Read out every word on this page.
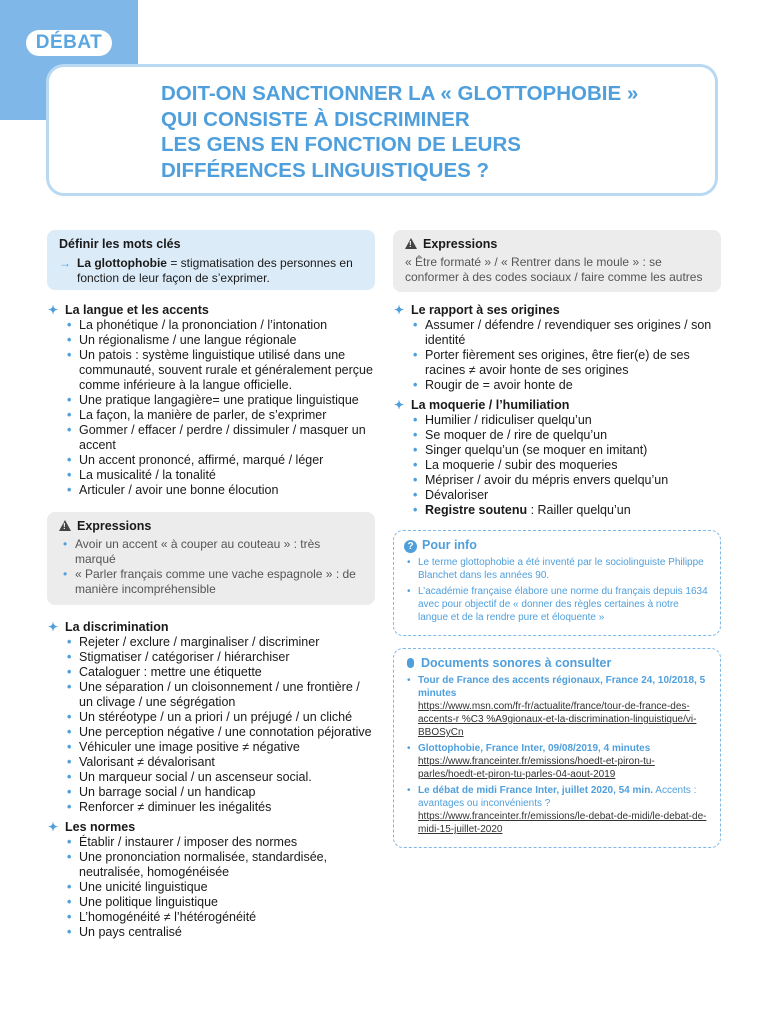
DÉBAT
DOIT-ON SANCTIONNER LA « GLOTTOPHOBIE »
QUI CONSISTE À DISCRIMINER
LES GENS EN FONCTION DE LEURS
DIFFÉRENCES LINGUISTIQUES ?
Définir les mots clés
→ La glottophobie = stigmatisation des personnes en fonction de leur façon de s’exprimer.
✦ La langue et les accents
• La phonétique / la prononciation / l’intonation
• Un régionalisme / une langue régionale
• Un patois : système linguistique utilisé dans une communauté, souvent rurale et généralement perçue comme inférieure à la langue officielle.
• Une pratique langagière= une pratique linguistique
• La façon, la manière de parler, de s’exprimer
• Gommer / effacer / perdre / dissimuler / masquer un accent
• Un accent prononcé, affirmé, marqué / léger
• La musicalité / la tonalité
• Articuler / avoir une bonne élocution
!Expressions
• Avoir un accent « à couper au couteau » : très marqué
• « Parler français comme une vache espagnole » : de manière incompréhensible
✦ La discrimination
• Rejeter / exclure / marginaliser / discriminer
• Stigmatiser / catégoriser / hiérarchiser
• Cataloguer : mettre une étiquette
• Une séparation / un cloisonnement / une frontière / un clivage / une ségrégation
• Un stéréotype / un a priori / un préjugé / un cliché
• Une perception négative / une connotation péjorative
• Véhiculer une image positive ≠ négative
• Valorisant ≠ dévalorisant
• Un marqueur social / un ascenseur social.
• Un barrage social / un handicap
• Renforcer ≠ diminuer les inégalités
✦ Les normes
• Établir / instaurer / imposer des normes
• Une prononciation normalisée, standardisée, neutralisée, homogénéisée
• Une unicité linguistique
• Une politique linguistique
• L’homogénéité ≠ l’hétérogénéité
• Un pays centralisé
!Expressions
« Être formaté » / « Rentrer dans le moule » : se conformer à des codes sociaux / faire comme les autres
✦ Le rapport à ses origines
• Assumer / défendre / revendiquer ses origines / son identité
• Porter fièrement ses origines, être fier(e) de ses racines ≠ avoir honte de ses origines
• Rougir de = avoir honte de
✦ La moquerie / l’humiliation
• Humilier / ridiculiser quelqu’un
• Se moquer de / rire de quelqu’un
• Singer quelqu’un (se moquer en imitant)
• La moquerie / subir des moqueries
• Mépriser / avoir du mépris envers quelqu’un
• Dévaloriser
• Registre soutenu : Railler quelqu’un
? Pour info
• Le terme glottophobie a été inventé par le sociolinguiste Philippe Blanchet dans les années 90.
• L’académie française élabore une norme du français depuis 1634 avec pour objectif de « donner des règles certaines à notre langue et de la rendre pure et éloquente »
Documents sonores à consulter
• Tour de France des accents régionaux, France 24, 10/2018, 5 minutes
https://www.msn.com/fr-fr/actualite/france/tour-de-france-des-accents-r %C3 %A9gionaux-et-la-discrimination-linguistique/vi-BBOSyCn
• Glottophobie, France Inter, 09/08/2019, 4 minutes
https://www.franceinter.fr/emissions/hoedt-et-piron-tu-parles/hoedt-et-piron-tu-parles-04-aout-2019
• Le débat de midi France Inter, juillet 2020, 54 min. Accents : avantages ou inconvénients ?
https://www.franceinter.fr/emissions/le-debat-de-midi/le-debat-de-midi-15-juillet-2020
